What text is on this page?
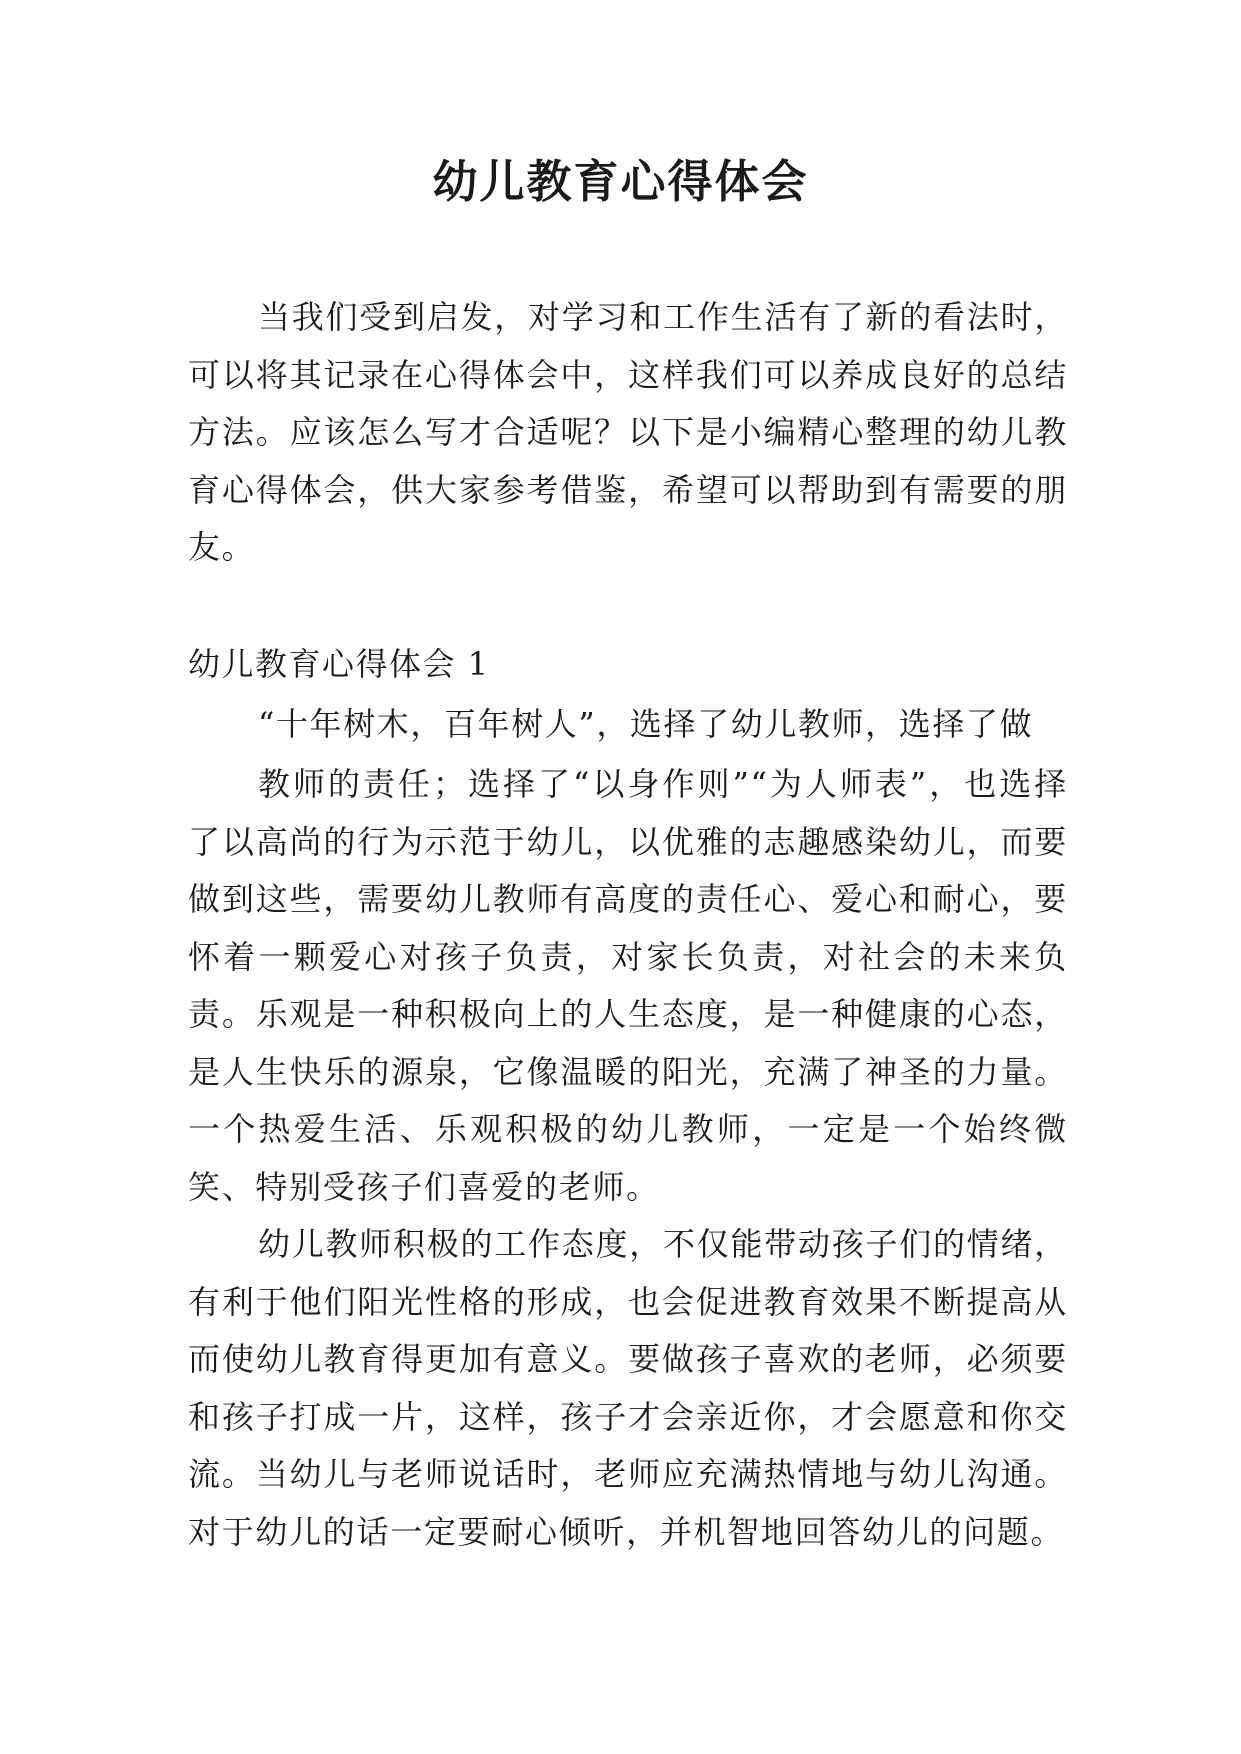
幼儿教育心得体会

当我们受到启发，对学习和工作生活有了新的看法时，可以将其记录在心得体会中，这样我们可以养成良好的总结方法。应该怎么写才合适呢？以下是小编精心整理的幼儿教育心得体会，供大家参考借鉴，希望可以帮助到有需要的朋友。

幼儿教育心得体会 1

“十年树木，百年树人”，选择了幼儿教师，选择了做

教师的责任；选择了“以身作则”“为人师表”，也选择了以高尚的行为示范于幼儿，以优雅的志趣感染幼儿，而要做到这些，需要幼儿教师有高度的责任心、爱心和耐心，要怀着一颗爱心对孩子负责，对家长负责，对社会的未来负责。乐观是一种积极向上的人生态度，是一种健康的心态，是人生快乐的源泉，它像温暖的阳光，充满了神圣的力量。一个热爱生活、乐观积极的幼儿教师，一定是一个始终微笑、特别受孩子们喜爱的老师。

幼儿教师积极的工作态度，不仅能带动孩子们的情绪，有利于他们阳光性格的形成，也会促进教育效果不断提高从而使幼儿教育得更加有意义。要做孩子喜欢的老师，必须要和孩子打成一片，这样，孩子才会亲近你，才会愿意和你交流。当幼儿与老师说话时，老师应充满热情地与幼儿沟通。对于幼儿的话一定要耐心倾听，并机智地回答幼儿的问题。
